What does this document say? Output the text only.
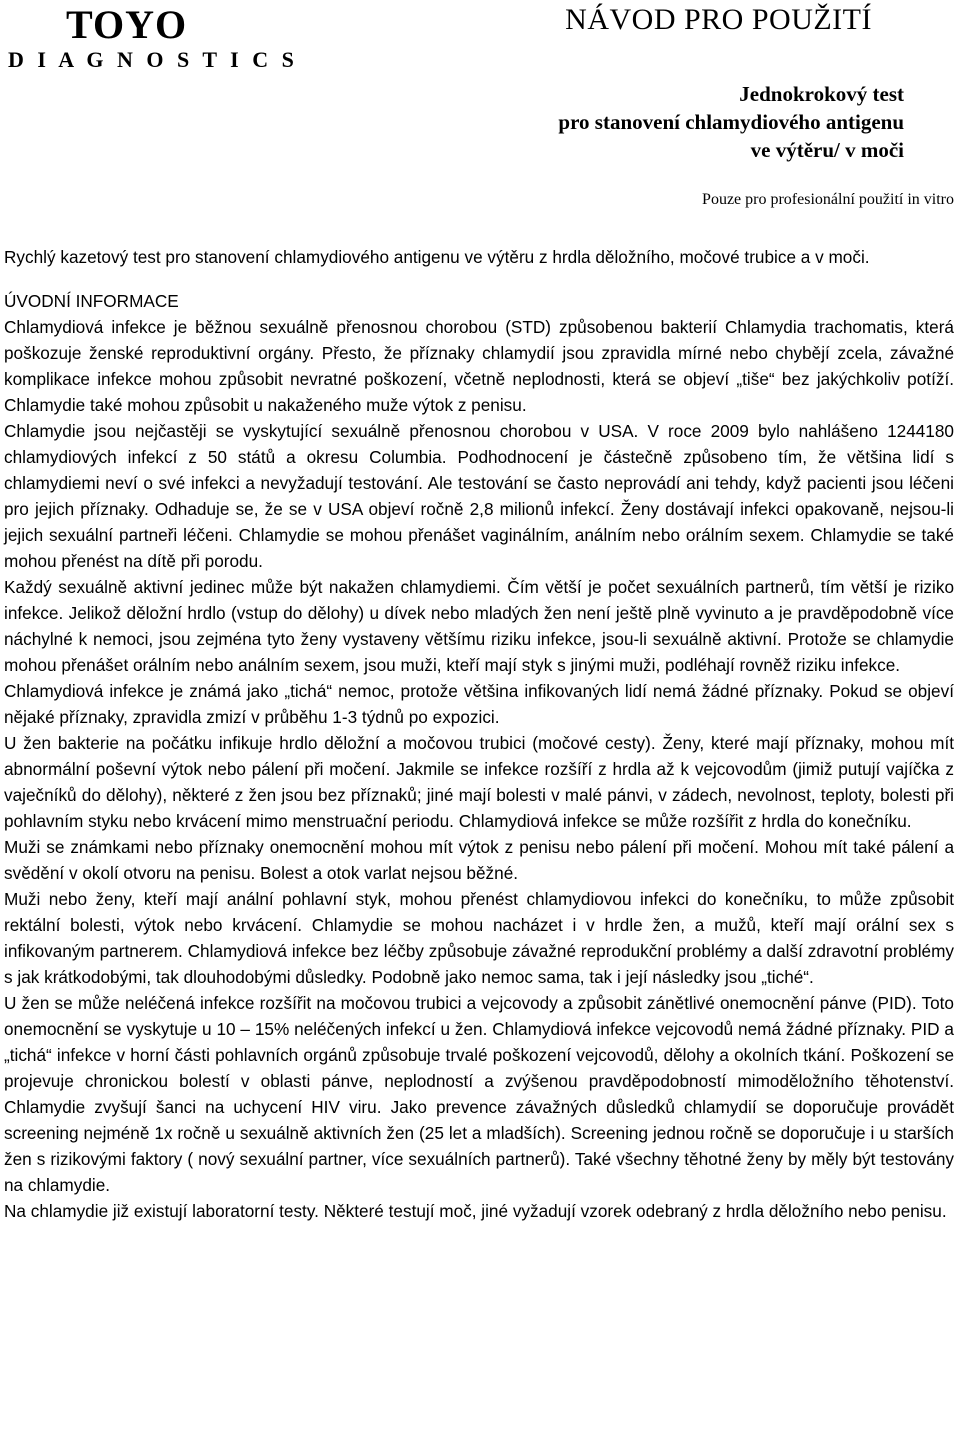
TOYO
D I A G N O S T I C S
NÁVOD PRO POUŽITÍ
Jednokrokový test
pro stanovení chlamydiového antigenu
ve výtěru/ v moči
Pouze pro profesionální použití in vitro

Rychlý kazetový test pro stanovení chlamydiového antigenu ve výtěru z hrdla děložního, močové trubice a v moči.

ÚVODNÍ INFORMACE

Chlamydiová infekce je běžnou sexuálně přenosnou chorobou (STD) způsobenou bakterií Chlamydia trachomatis, která poškozuje ženské reproduktivní orgány. Přesto, že příznaky chlamydií jsou zpravidla mírné nebo chybějí zcela, závažné komplikace infekce mohou způsobit nevratné poškození, včetně neplodnosti, která se objeví „tiše“ bez jakýchkoliv potíží. Chlamydie také mohou způsobit u nakaženého muže výtok z penisu.

Chlamydie jsou nejčastěji se vyskytující sexuálně přenosnou chorobou v USA. V roce 2009 bylo nahlášeno 1244180 chlamydiových infekcí z 50 států a okresu Columbia. Podhodnocení je částečně způsobeno tím, že většina lidí s chlamydiemi neví o své infekci a nevyžadují testování. Ale testování se často neprovádí ani tehdy, když pacienti jsou léčeni pro jejich příznaky. Odhaduje se, že se v USA objeví ročně 2,8 milionů infekcí. Ženy dostávají infekci opakovaně, nejsou-li jejich sexuální partneři léčeni. Chlamydie se mohou přenášet vaginálním, análním nebo orálním sexem. Chlamydie se také mohou přenést na dítě při porodu.

Každý sexuálně aktivní jedinec může být nakažen chlamydiemi. Čím větší je počet sexuálních partnerů, tím větší je riziko infekce. Jelikož děložní hrdlo (vstup do dělohy) u dívek nebo mladých žen není ještě plně vyvinuto a je pravděpodobně více náchylné k nemoci, jsou zejména tyto ženy vystaveny většímu riziku infekce, jsou-li sexuálně aktivní. Protože se chlamydie mohou přenášet orálním nebo análním sexem, jsou muži, kteří mají styk s jinými muži, podléhají rovněž riziku infekce.

Chlamydiová infekce je známá jako „tichá“ nemoc, protože většina infikovaných lidí nemá žádné příznaky. Pokud se objeví nějaké příznaky, zpravidla zmizí v průběhu 1-3 týdnů po expozici.

U žen bakterie na počátku infikuje hrdlo děložní a močovou trubici (močové cesty). Ženy, které mají příznaky, mohou mít abnormální poševní výtok nebo pálení při močení. Jakmile se infekce rozšíří z hrdla až k vejcovodům (jimiž putují vajíčka z vaječníků do dělohy), některé z žen jsou bez příznaků; jiné mají bolesti v malé pánvi, v zádech, nevolnost, teploty, bolesti při pohlavním styku nebo krvácení mimo menstruační periodu. Chlamydiová infekce se může rozšířit z hrdla do konečníku.

Muži se známkami nebo příznaky onemocnění mohou mít výtok z penisu nebo pálení při močení. Mohou mít také pálení a svědění v okolí otvoru na penisu. Bolest a otok varlat nejsou běžné.

Muži nebo ženy, kteří mají anální pohlavní styk, mohou přenést chlamydiovou infekci do konečníku, to může způsobit rektální bolesti, výtok nebo krvácení. Chlamydie se mohou nacházet i v hrdle žen, a mužů, kteří mají orální sex s infikovaným partnerem. Chlamydiová infekce bez léčby způsobuje závažné reprodukční problémy a další zdravotní problémy s jak krátkodobými, tak dlouhodobými důsledky. Podobně jako nemoc sama, tak i její následky jsou „tiché“.

U žen se může neléčená infekce rozšířit na močovou trubici a vejcovody a způsobit zánětlivé onemocnění pánve (PID). Toto onemocnění se vyskytuje u 10 – 15% neléčených infekcí u žen. Chlamydiová infekce vejcovodů nemá žádné příznaky. PID a „tichá“ infekce v horní části pohlavních orgánů způsobuje trvalé poškození vejcovodů, dělohy a okolních tkání. Poškození se projevuje chronickou bolestí v oblasti pánve, neplodností a zvýšenou pravděpodobností mimoděložního těhotenství. Chlamydie zvyšují šanci na uchycení HIV viru. Jako prevence závažných důsledků chlamydií se doporučuje provádět screening nejméně 1x ročně u sexuálně aktivních žen (25 let a mladších). Screening jednou ročně se doporučuje i u starších žen s rizikovými faktory ( nový sexuální partner, více sexuálních partnerů). Také všechny těhotné ženy by měly být testovány na chlamydie.

Na chlamydie již existují laboratorní testy. Některé testují moč, jiné vyžadují vzorek odebraný z hrdla děložního nebo penisu.
